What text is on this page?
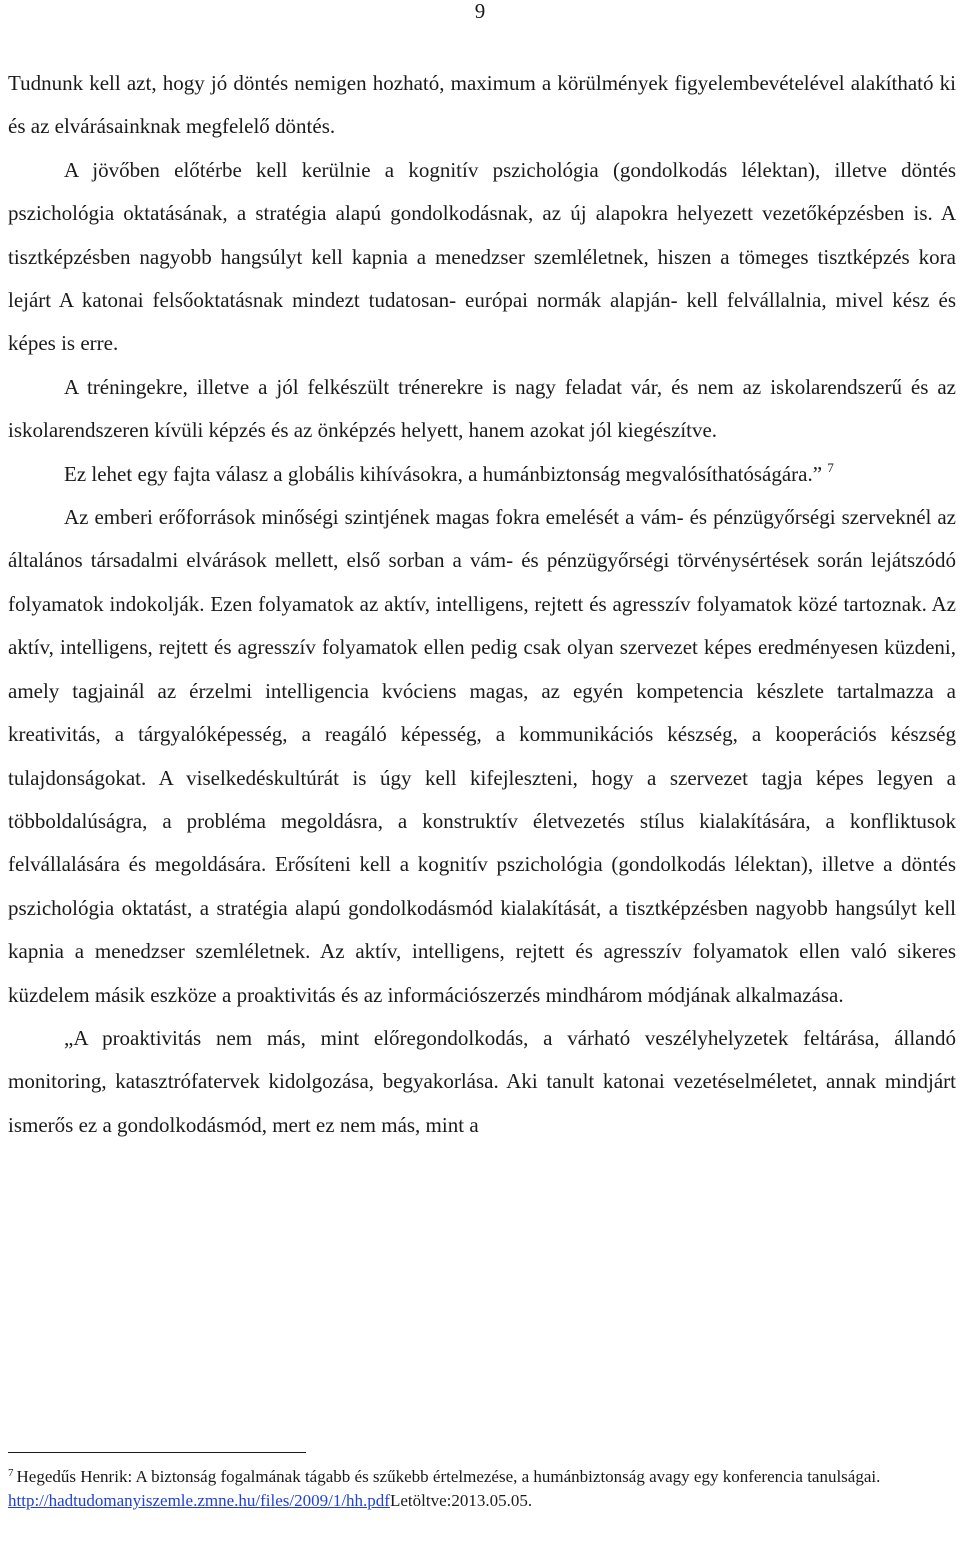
9

Tudnunk kell azt, hogy jó döntés nemigen hozható, maximum a körülmények figyelembevételével alakítható ki és az elvárásainknak megfelelő döntés.

A jövőben előtérbe kell kerülnie a kognitív pszichológia (gondolkodás lélektan), illetve döntés pszichológia oktatásának, a stratégia alapú gondolkodásnak, az új alapokra helyezett vezetőképzésben is. A tisztképzésben nagyobb hangsúlyt kell kapnia a menedzser szemléletnek, hiszen a tömeges tisztképzés kora lejárt A katonai felsőoktatásnak mindezt tudatosan- európai normák alapján- kell felvállalnia, mivel kész és képes is erre.

A tréningekre, illetve a jól felkészült trénerekre is nagy feladat vár, és nem az iskolarendszerű és az iskolarendszeren kívüli képzés és az önképzés helyett, hanem azokat jól kiegészítve.

Ez lehet egy fajta válasz a globális kihívásokra, a humánbiztonság megvalósíthatóságára.” $^7$

Az emberi erőforrások minőségi szintjének magas fokra emelését a vám- és pénzügyőrségi szerveknél az általános társadalmi elvárások mellett, első sorban a vám- és pénzügyőrségi törvénysértések során lejátszódó folyamatok indokolják. Ezen folyamatok az aktív, intelligens, rejtett és agresszív folyamatok közé tartoznak. Az aktív, intelligens, rejtett és agresszív folyamatok ellen pedig csak olyan szervezet képes eredményesen küzdeni, amely tagjainál az érzelmi intelligencia kvóciens magas, az egyén kompetencia készlete tartalmazza a kreativitás, a tárgyalóképesség, a reagáló képesség, a kommunikációs készség, a kooperációs készség tulajdonságokat. A viselkedéskultúrát is úgy kell kifejleszteni, hogy a szervezet tagja képes legyen a többoldalúságra, a probléma megoldásra, a konstruktív életvezetés stílus kialakítására, a konfliktusok felvállalására és megoldására. Erősíteni kell a kognitív pszichológia (gondolkodás lélektan), illetve a döntés pszichológia oktatást, a stratégia alapú gondolkodásmód kialakítását, a tisztképzésben nagyobb hangsúlyt kell kapnia a menedzser szemléletnek. Az aktív, intelligens, rejtett és agresszív folyamatok ellen való sikeres küzdelem másik eszköze a proaktivitás és az információszerzés mindhárom módjának alkalmazása.

„A proaktivitás nem más, mint előregondolkodás, a várható veszélyhelyzetek feltárása, állandó monitoring, katasztrófatervek kidolgozása, begyakorlása. Aki tanult katonai vezetéselméletet, annak mindjárt ismerős ez a gondolkodásmód, mert ez nem más, mint a

$^7$ Hegedűs Henrik: A biztonság fogalmának tágabb és szűkebb értelmezése, a humánbiztonság avagy egy konferencia tanulságai.

http://hadtudomanyiszemle.zmne.hu/files/2009/1/hh.pdfLetöltve:2013.05.05.
